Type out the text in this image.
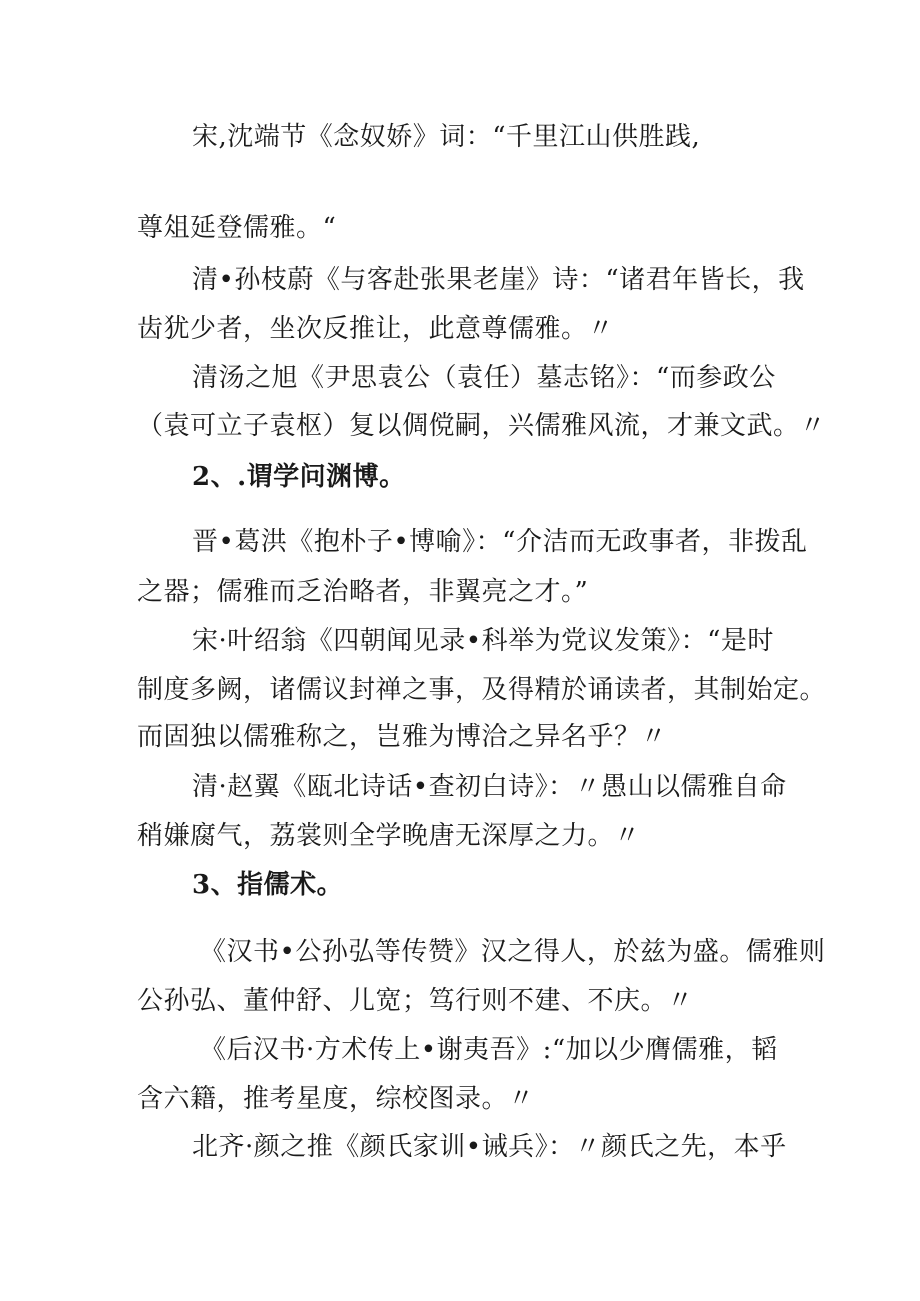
宋,沈端节《念奴娇》词：“千里江山供胜践,
尊俎延登儒雅。“
清•孙枝蔚《与客赴张果老崖》诗：“诸君年皆长，我
齿犹少者，坐次反推让，此意尊儒雅。〃
清汤之旭《尹思袁公（袁任）墓志铭》：“而参政公
（袁可立子袁枢）复以倜傥嗣，兴儒雅风流，才兼文武。〃
2、.谓学问渊博。
晋•葛洪《抱朴子•博喻》：“介洁而无政事者，非拨乱
之器；儒雅而乏治略者，非翼亮之才。”
宋·叶绍翁《四朝闻见录•科举为党议发策》：“是时
制度多阙，诸儒议封禅之事，及得精於诵读者，其制始定。
而固独以儒雅称之，岂雅为博洽之异名乎？〃
清·赵翼《瓯北诗话•查初白诗》：〃愚山以儒雅自命
稍嫌腐气，荔裳则全学晚唐无深厚之力。〃
3、指儒术。
《汉书•公孙弘等传赞》汉之得人，於兹为盛。儒雅则
公孙弘、董仲舒、儿宽；笃行则不建、不庆。〃
《后汉书·方术传上•谢夷吾》:“加以少膺儒雅，韬
含六籍，推考星度，综校图录。〃
北齐·颜之推《颜氏家训•诫兵》：〃颜氏之先，本乎
